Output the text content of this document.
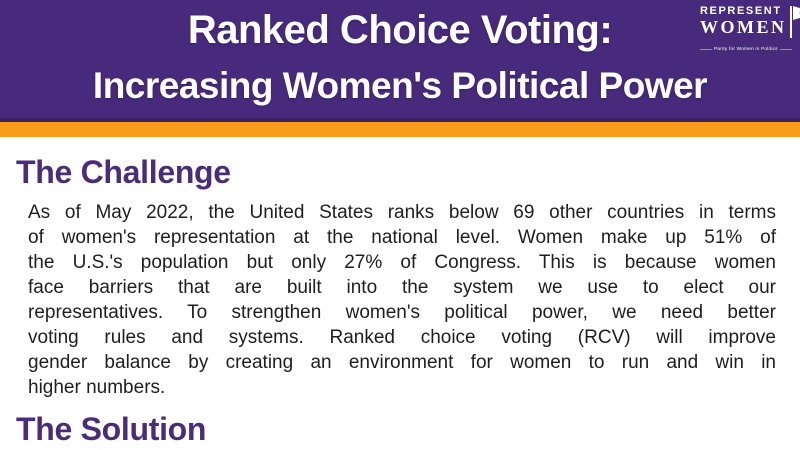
Ranked Choice Voting:
Increasing Women's Political Power
REPRESENT
WOMEN
Parity for Women in Politics
The Challenge
As of May 2022, the United States ranks below 69 other countries in terms
of women's representation at the national level. Women make up 51% of
the U.S.'s population but only 27% of Congress. This is because women
face barriers that are built into the system we use to elect our
representatives. To strengthen women's political power, we need better
voting rules and systems. Ranked choice voting (RCV) will improve
gender balance by creating an environment for women to run and win in
higher numbers.
The Solution
